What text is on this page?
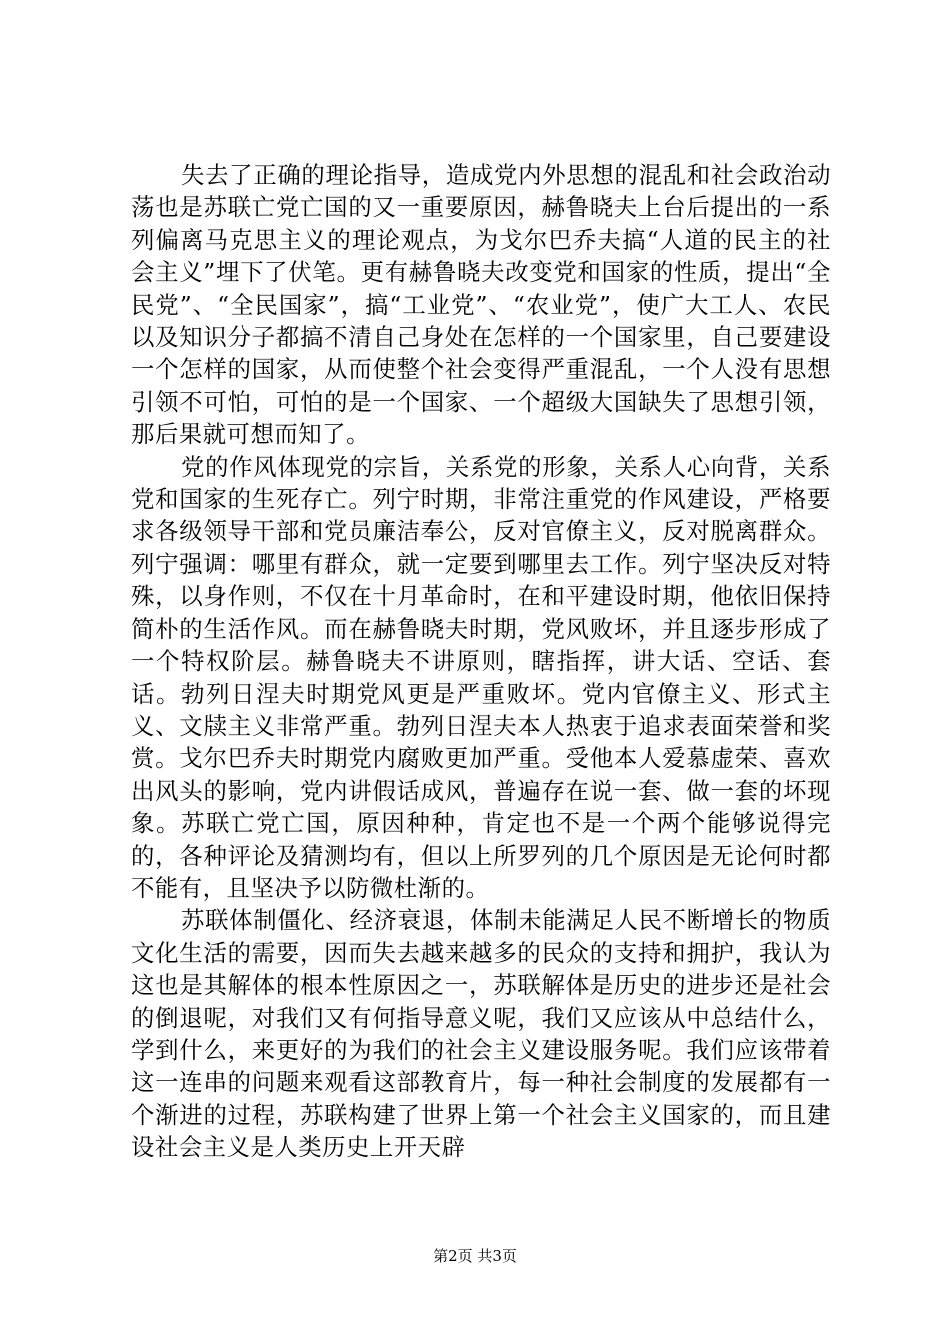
失去了正确的理论指导，造成党内外思想的混乱和社会政治动荡也是苏联亡党亡国的又一重要原因，赫鲁晓夫上台后提出的一系列偏离马克思主义的理论观点，为戈尔巴乔夫搞“人道的民主的社会主义”埋下了伏笔。更有赫鲁晓夫改变党和国家的性质，提出“全民党”、“全民国家”，搞“工业党”、“农业党”，使广大工人、农民以及知识分子都搞不清自己身处在怎样的一个国家里，自己要建设一个怎样的国家，从而使整个社会变得严重混乱，一个人没有思想引领不可怕，可怕的是一个国家、一个超级大国缺失了思想引领，那后果就可想而知了。

党的作风体现党的宗旨，关系党的形象，关系人心向背，关系党和国家的生死存亡。列宁时期，非常注重党的作风建设，严格要求各级领导干部和党员廉洁奉公，反对官僚主义，反对脱离群众。列宁强调：哪里有群众，就一定要到哪里去工作。列宁坚决反对特殊，以身作则，不仅在十月革命时，在和平建设时期，他依旧保持简朴的生活作风。而在赫鲁晓夫时期，党风败坏，并且逐步形成了一个特权阶层。赫鲁晓夫不讲原则，瞎指挥，讲大话、空话、套话。勃列日涅夫时期党风更是严重败坏。党内官僚主义、形式主义、文牍主义非常严重。勃列日涅夫本人热衷于追求表面荣誉和奖赏。戈尔巴乔夫时期党内腐败更加严重。受他本人爱慕虚荣、喜欢出风头的影响，党内讲假话成风，普遍存在说一套、做一套的坏现象。苏联亡党亡国，原因种种，肯定也不是一个两个能够说得完的，各种评论及猜测均有，但以上所罗列的几个原因是无论何时都不能有，且坚决予以防微杜渐的。

苏联体制僵化、经济衰退，体制未能满足人民不断增长的物质文化生活的需要，因而失去越来越多的民众的支持和拥护，我认为这也是其解体的根本性原因之一，苏联解体是历史的进步还是社会的倒退呢，对我们又有何指导意义呢，我们又应该从中总结什么，学到什么，来更好的为我们的社会主义建设服务呢。我们应该带着这一连串的问题来观看这部教育片，每一种社会制度的发展都有一个渐进的过程，苏联构建了世界上第一个社会主义国家的，而且建设社会主义是人类历史上开天辟

第2页 共3页
